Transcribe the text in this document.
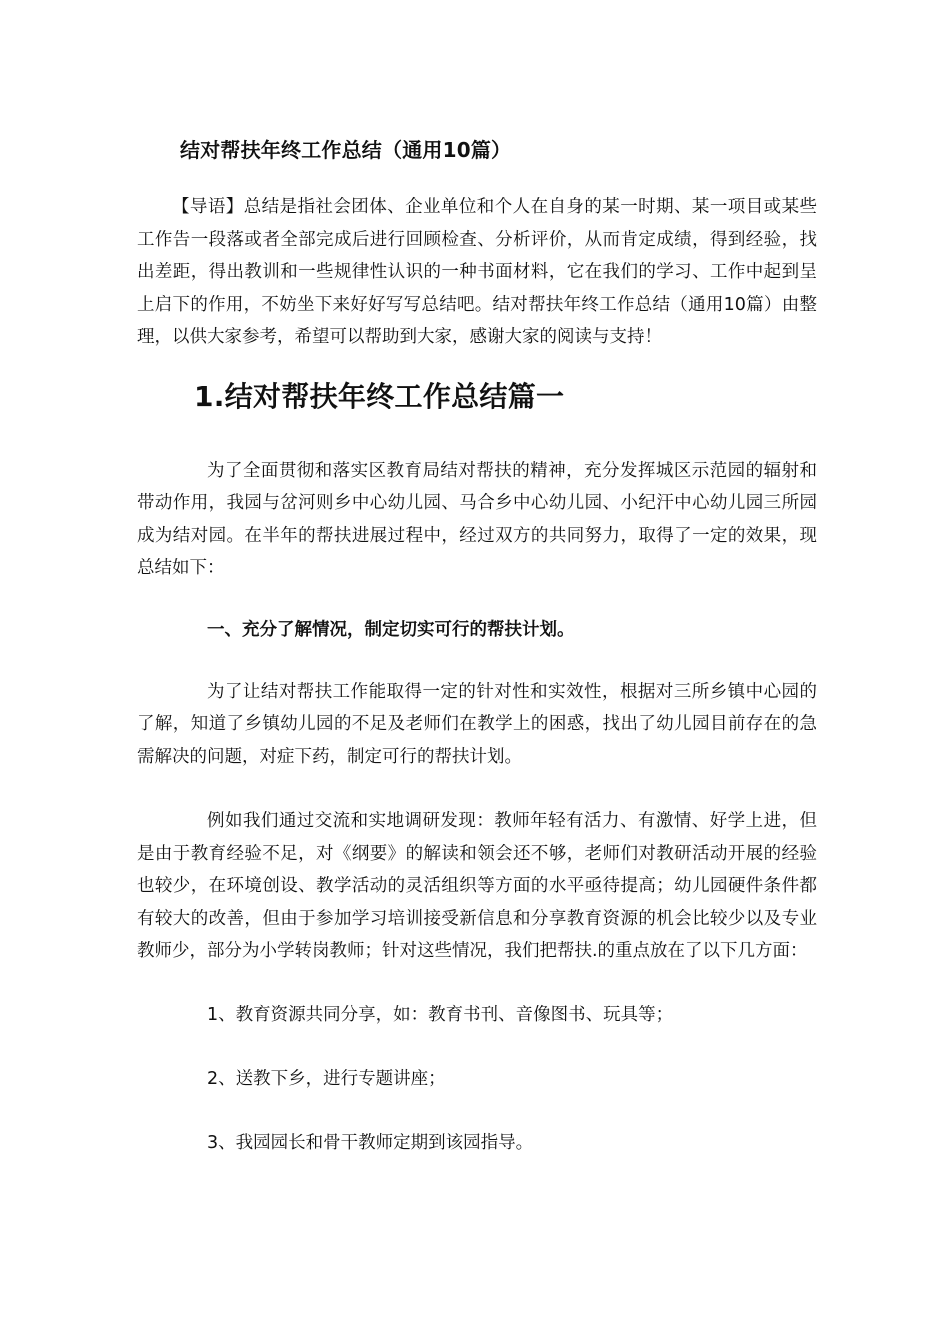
结对帮扶年终工作总结（通用10篇）

【导语】总结是指社会团体、企业单位和个人在自身的某一时期、某一项目或某些工作告一段落或者全部完成后进行回顾检查、分析评价，从而肯定成绩，得到经验，找出差距，得出教训和一些规律性认识的一种书面材料，它在我们的学习、工作中起到呈上启下的作用，不妨坐下来好好写写总结吧。结对帮扶年终工作总结（通用10篇）由整理，以供大家参考，希望可以帮助到大家，感谢大家的阅读与支持！

1.结对帮扶年终工作总结篇一

为了全面贯彻和落实区教育局结对帮扶的精神，充分发挥城区示范园的辐射和带动作用，我园与岔河则乡中心幼儿园、马合乡中心幼儿园、小纪汗中心幼儿园三所园成为结对园。在半年的帮扶进展过程中，经过双方的共同努力，取得了一定的效果，现总结如下：

一、充分了解情况，制定切实可行的帮扶计划。

为了让结对帮扶工作能取得一定的针对性和实效性，根据对三所乡镇中心园的了解，知道了乡镇幼儿园的不足及老师们在教学上的困惑，找出了幼儿园目前存在的急需解决的问题，对症下药，制定可行的帮扶计划。

例如我们通过交流和实地调研发现：教师年轻有活力、有激情、好学上进，但是由于教育经验不足，对《纲要》的解读和领会还不够，老师们对教研活动开展的经验也较少，在环境创设、教学活动的灵活组织等方面的水平亟待提高；幼儿园硬件条件都有较大的改善，但由于参加学习培训接受新信息和分享教育资源的机会比较少以及专业教师少，部分为小学转岗教师；针对这些情况，我们把帮扶.的重点放在了以下几方面：

1、教育资源共同分享，如：教育书刊、音像图书、玩具等；
2、送教下乡，进行专题讲座；
3、我园园长和骨干教师定期到该园指导。
